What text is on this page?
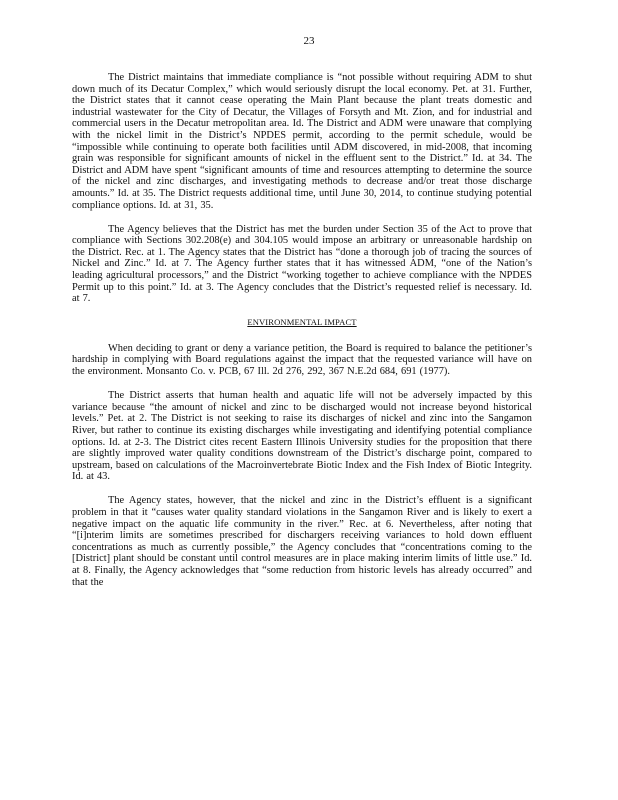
23

The District maintains that immediate compliance is “not possible without requiring ADM to shut down much of its Decatur Complex,” which would seriously disrupt the local economy. Pet. at 31. Further, the District states that it cannot cease operating the Main Plant because the plant treats domestic and industrial wastewater for the City of Decatur, the Villages of Forsyth and Mt. Zion, and for industrial and commercial users in the Decatur metropolitan area. Id. The District and ADM were unaware that complying with the nickel limit in the District’s NPDES permit, according to the permit schedule, would be “impossible while continuing to operate both facilities until ADM discovered, in mid-2008, that incoming grain was responsible for significant amounts of nickel in the effluent sent to the District.” Id. at 34. The District and ADM have spent “significant amounts of time and resources attempting to determine the source of the nickel and zinc discharges, and investigating methods to decrease and/or treat those discharge amounts.” Id. at 35. The District requests additional time, until June 30, 2014, to continue studying potential compliance options. Id. at 31, 35.

The Agency believes that the District has met the burden under Section 35 of the Act to prove that compliance with Sections 302.208(e) and 304.105 would impose an arbitrary or unreasonable hardship on the District. Rec. at 1. The Agency states that the District has “done a thorough job of tracing the sources of Nickel and Zinc.” Id. at 7. The Agency further states that it has witnessed ADM, “one of the Nation’s leading agricultural processors,” and the District “working together to achieve compliance with the NPDES Permit up to this point.” Id. at 3. The Agency concludes that the District’s requested relief is necessary. Id. at 7.

ENVIRONMENTAL IMPACT

When deciding to grant or deny a variance petition, the Board is required to balance the petitioner’s hardship in complying with Board regulations against the impact that the requested variance will have on the environment. Monsanto Co. v. PCB, 67 Ill. 2d 276, 292, 367 N.E.2d 684, 691 (1977).

The District asserts that human health and aquatic life will not be adversely impacted by this variance because “the amount of nickel and zinc to be discharged would not increase beyond historical levels.” Pet. at 2. The District is not seeking to raise its discharges of nickel and zinc into the Sangamon River, but rather to continue its existing discharges while investigating and identifying potential compliance options. Id. at 2-3. The District cites recent Eastern Illinois University studies for the proposition that there are slightly improved water quality conditions downstream of the District’s discharge point, compared to upstream, based on calculations of the Macroinvertebrate Biotic Index and the Fish Index of Biotic Integrity. Id. at 43.

The Agency states, however, that the nickel and zinc in the District’s effluent is a significant problem in that it “causes water quality standard violations in the Sangamon River and is likely to exert a negative impact on the aquatic life community in the river.” Rec. at 6. Nevertheless, after noting that “[i]nterim limits are sometimes prescribed for dischargers receiving variances to hold down effluent concentrations as much as currently possible,” the Agency concludes that “concentrations coming to the [District] plant should be constant until control measures are in place making interim limits of little use.” Id. at 8. Finally, the Agency acknowledges that “some reduction from historic levels has already occurred” and that the
